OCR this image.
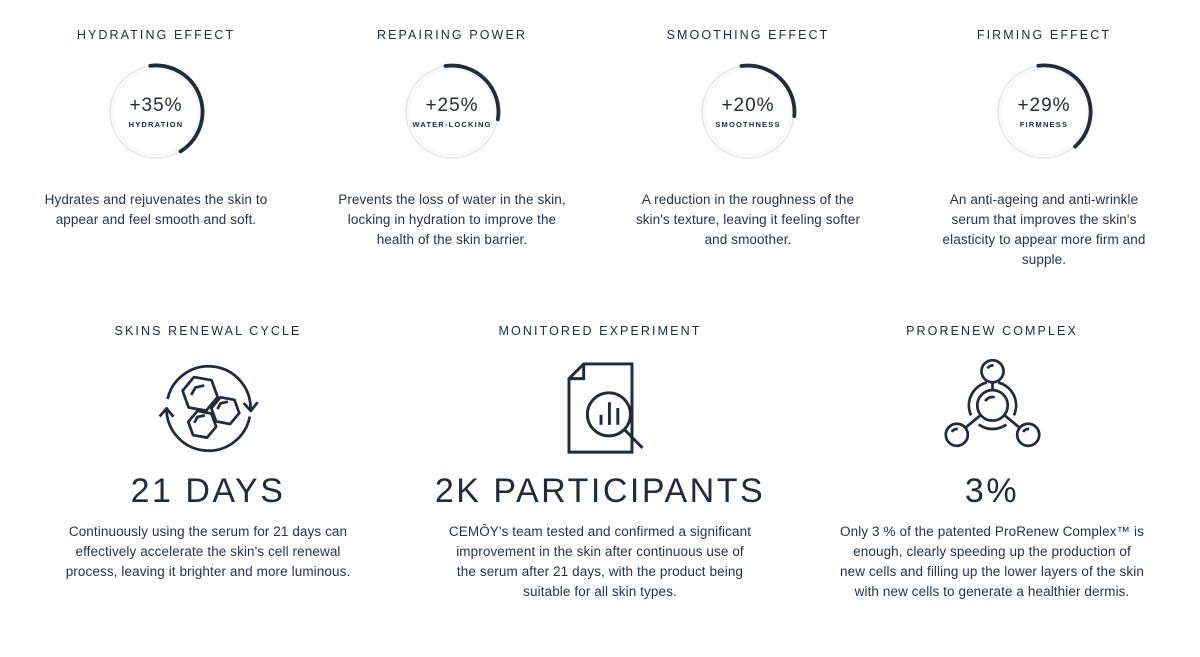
HYDRATING EFFECT
+35%
HYDRATION
Hydrates and rejuvenates the skin to
appear and feel smooth and soft.
REPAIRING POWER
+25%
WATER-LOCKING
Prevents the loss of water in the skin,
locking in hydration to improve the
health of the skin barrier.
SMOOTHING EFFECT
+20%
SMOOTHNESS
A reduction in the roughness of the
skin's texture, leaving it feeling softer
and smoother.
FIRMING EFFECT
+29%
FIRMNESS
An anti-ageing and anti-wrinkle
serum that improves the skin's
elasticity to appear more firm and
supple.
SKINS RENEWAL CYCLE
21 DAYS
Continuously using the serum for 21 days can
effectively accelerate the skin's cell renewal
process, leaving it brighter and more luminous.
MONITORED EXPERIMENT
2K PARTICIPANTS
CEMÔY's team tested and confirmed a significant
improvement in the skin after continuous use of
the serum after 21 days, with the product being
suitable for all skin types.
PRORENEW COMPLEX
3%
Only 3 % of the patented ProRenew Complex™ is
enough, clearly speeding up the production of
new cells and filling up the lower layers of the skin
with new cells to generate a healthier dermis.
